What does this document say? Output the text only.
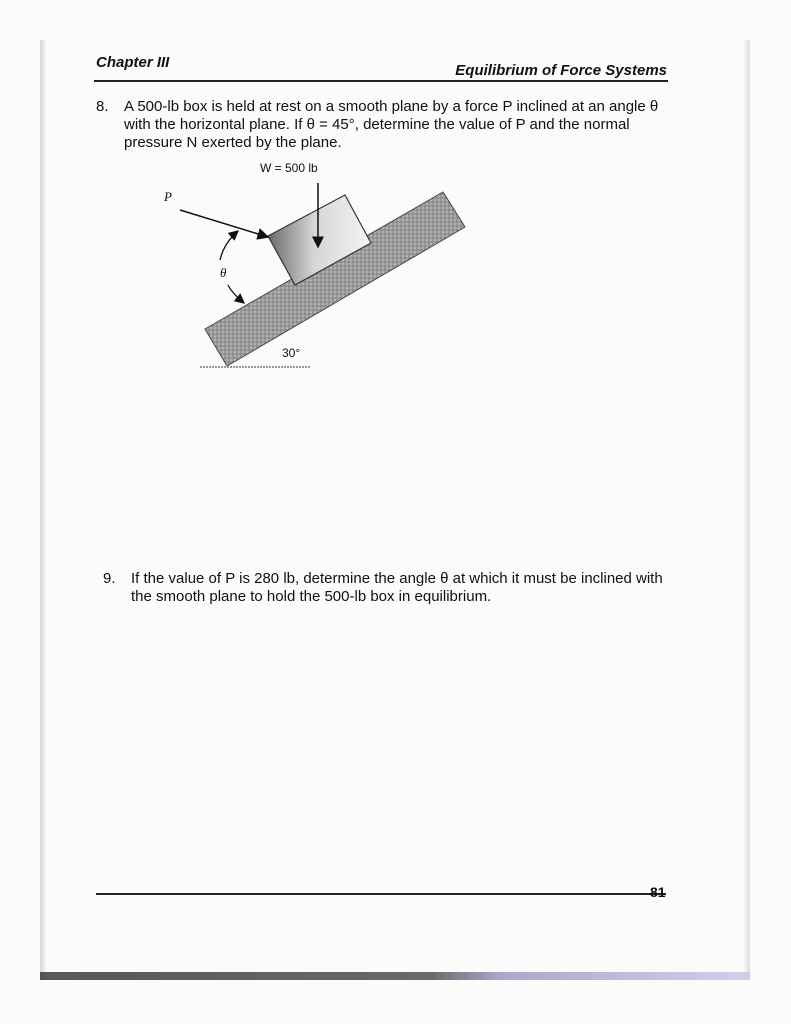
Chapter III	Equilibrium of Force Systems
8. A 500-lb box is held at rest on a smooth plane by a force P inclined at an angle θ with the horizontal plane. If θ = 45°, determine the value of P and the normal pressure N exerted by the plane.
W = 500 lb
P
θ
30°
9. If the value of P is 280 lb, determine the angle θ at which it must be inclined with the smooth plane to hold the 500-lb box in equilibrium.
81
